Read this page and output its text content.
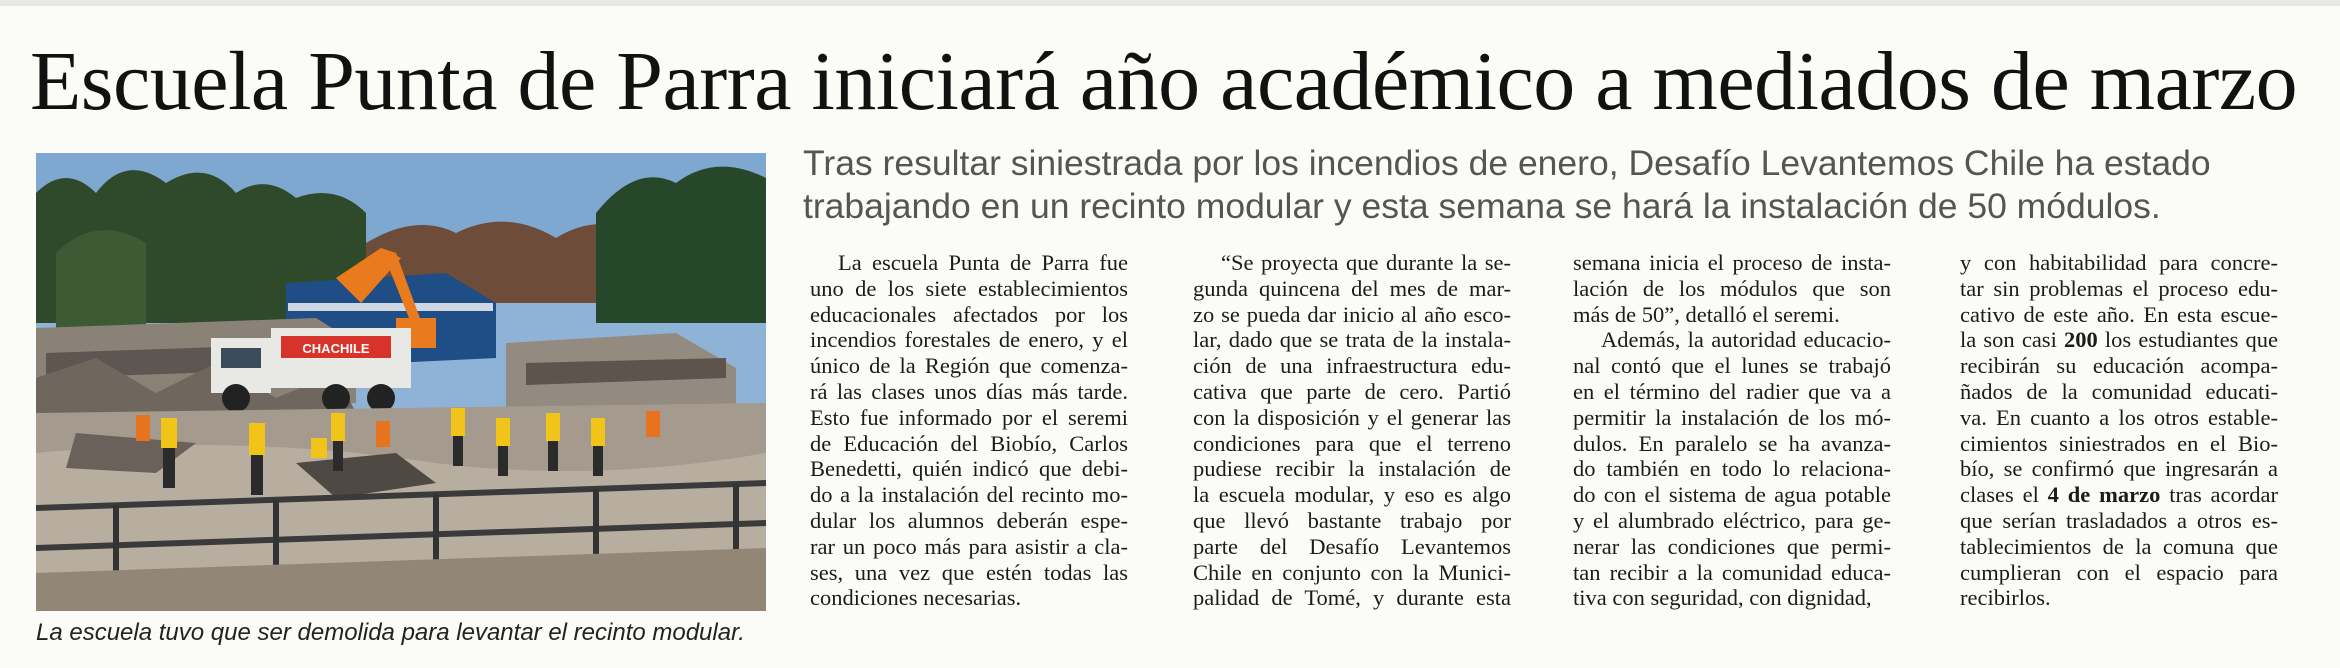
Escuela Punta de Parra iniciará año académico a mediados de marzo
CHACHILE
La escuela tuvo que ser demolida para levantar el recinto modular.
Tras resultar siniestrada por los incendios de enero, Desafío Levantemos Chile ha estado
trabajando en un recinto modular y esta semana se hará la instalación de 50 módulos.
La escuela Punta de Parra fue
uno de los siete establecimientos
educacionales afectados por los
incendios forestales de enero, y el
único de la Región que comenza-
rá las clases unos días más tarde.
Esto fue informado por el seremi
de Educación del Biobío, Carlos
Benedetti, quién indicó que debi-
do a la instalación del recinto mo-
dular los alumnos deberán espe-
rar un poco más para asistir a cla-
ses, una vez que estén todas las
condiciones necesarias.
“Se proyecta que durante la se-
gunda quincena del mes de mar-
zo se pueda dar inicio al año esco-
lar, dado que se trata de la instala-
ción de una infraestructura edu-
cativa que parte de cero. Partió
con la disposición y el generar las
condiciones para que el terreno
pudiese recibir la instalación de
la escuela modular, y eso es algo
que llevó bastante trabajo por
parte del Desafío Levantemos
Chile en conjunto con la Munici-
palidad de Tomé, y durante esta
semana inicia el proceso de insta-
lación de los módulos que son
más de 50”, detalló el seremi.
Además, la autoridad educacio-
nal contó que el lunes se trabajó
en el término del radier que va a
permitir la instalación de los mó-
dulos. En paralelo se ha avanza-
do también en todo lo relaciona-
do con el sistema de agua potable
y el alumbrado eléctrico, para ge-
nerar las condiciones que permi-
tan recibir a la comunidad educa-
tiva con seguridad, con dignidad,
y con habitabilidad para concre-
tar sin problemas el proceso edu-
cativo de este año. En esta escue-
la son casi 200 los estudiantes que
recibirán su educación acompa-
ñados de la comunidad educati-
va. En cuanto a los otros estable-
cimientos siniestrados en el Bio-
bío, se confirmó que ingresarán a
clases el 4 de marzo tras acordar
que serían trasladados a otros es-
tablecimientos de la comuna que
cumplieran con el espacio para
recibirlos.
